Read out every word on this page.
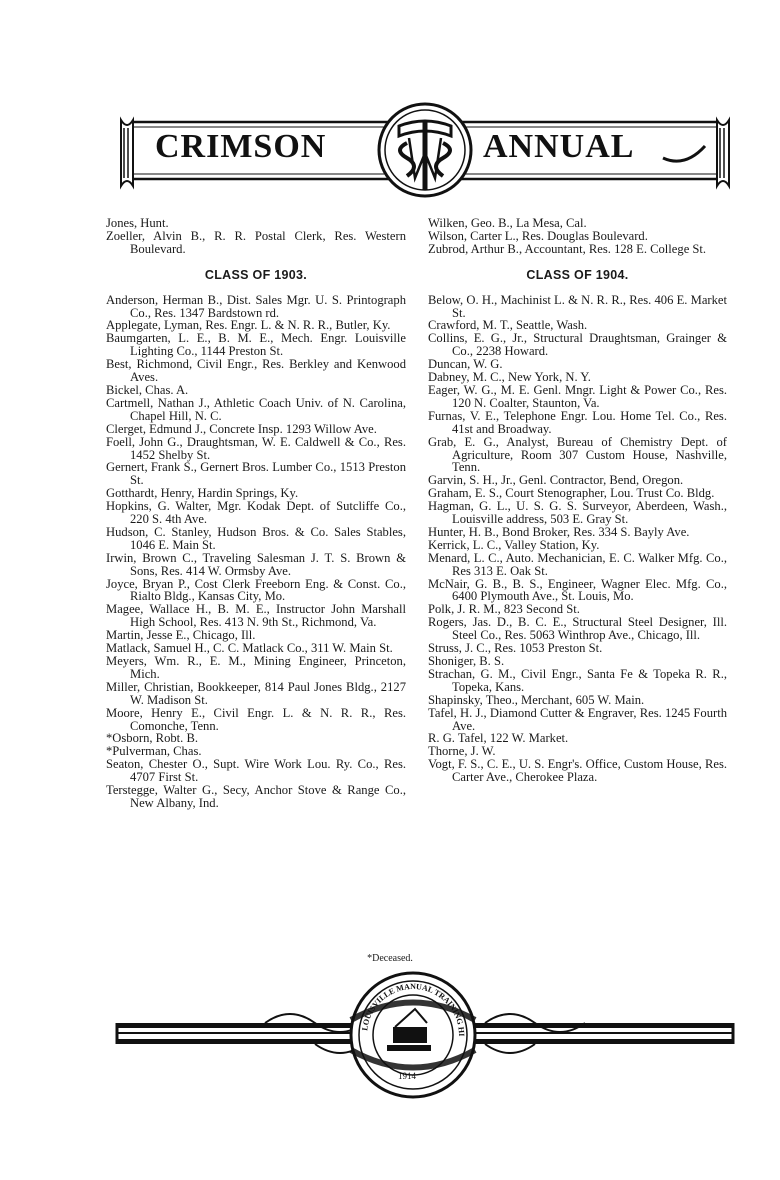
CRIMSON	ANNUAL
Jones, Hunt.
Zoeller, Alvin B., R. R. Postal Clerk, Res. Western Boulevard.
CLASS OF 1903.
Anderson, Herman B., Dist. Sales Mgr. U. S. Printograph Co., Res. 1347 Bardstown rd.
Applegate, Lyman, Res. Engr. L. & N. R. R., Butler, Ky.
Baumgarten, L. E., B. M. E., Mech. Engr. Louisville Lighting Co., 1144 Preston St.
Best, Richmond, Civil Engr., Res. Berkley and Kenwood Aves.
Bickel, Chas. A.
Cartmell, Nathan J., Athletic Coach Univ. of N. Carolina, Chapel Hill, N. C.
Clerget, Edmund J., Concrete Insp. 1293 Willow Ave.
Foell, John G., Draughtsman, W. E. Caldwell & Co., Res. 1452 Shelby St.
Gernert, Frank S., Gernert Bros. Lumber Co., 1513 Preston St.
Gotthardt, Henry, Hardin Springs, Ky.
Hopkins, G. Walter, Mgr. Kodak Dept. of Sutcliffe Co., 220 S. 4th Ave.
Hudson, C. Stanley, Hudson Bros. & Co. Sales Stables, 1046 E. Main St.
Irwin, Brown C., Traveling Salesman J. T. S. Brown & Sons, Res. 414 W. Ormsby Ave.
Joyce, Bryan P., Cost Clerk Freeborn Eng. & Const. Co., Rialto Bldg., Kansas City, Mo.
Magee, Wallace H., B. M. E., Instructor John Marshall High School, Res. 413 N. 9th St., Richmond, Va.
Martin, Jesse E., Chicago, Ill.
Matlack, Samuel H., C. C. Matlack Co., 311 W. Main St.
Meyers, Wm. R., E. M., Mining Engineer, Princeton, Mich.
Miller, Christian, Bookkeeper, 814 Paul Jones Bldg., 2127 W. Madison St.
Moore, Henry E., Civil Engr. L. & N. R. R., Res. Comonche, Tenn.
*Osborn, Robt. B.
*Pulverman, Chas.
Seaton, Chester O., Supt. Wire Work Lou. Ry. Co., Res. 4707 First St.
Terstegge, Walter G., Secy, Anchor Stove & Range Co., New Albany, Ind.
Wilken, Geo. B., La Mesa, Cal.
Wilson, Carter L., Res. Douglas Boulevard.
Zubrod, Arthur B., Accountant, Res. 128 E. College St.
CLASS OF 1904.
Below, O. H., Machinist L. & N. R. R., Res. 406 E. Market St.
Crawford, M. T., Seattle, Wash.
Collins, E. G., Jr., Structural Draughtsman, Grainger & Co., 2238 Howard.
Duncan, W. G.
Dabney, M. C., New York, N. Y.
Eager, W. G., M. E. Genl. Mngr. Light & Power Co., Res. 120 N. Coalter, Staunton, Va.
Furnas, V. E., Telephone Engr. Lou. Home Tel. Co., Res. 41st and Broadway.
Grab, E. G., Analyst, Bureau of Chemistry Dept. of Agriculture, Room 307 Custom House, Nashville, Tenn.
Garvin, S. H., Jr., Genl. Contractor, Bend, Oregon.
Graham, E. S., Court Stenographer, Lou. Trust Co. Bldg.
Hagman, G. L., U. S. G. S. Surveyor, Aberdeen, Wash., Louisville address, 503 E. Gray St.
Hunter, H. B., Bond Broker, Res. 334 S. Bayly Ave.
Kerrick, L. C., Valley Station, Ky.
Menard, L. C., Auto. Mechanician, E. C. Walker Mfg. Co., Res 313 E. Oak St.
McNair, G. B., B. S., Engineer, Wagner Elec. Mfg. Co., 6400 Plymouth Ave., St. Louis, Mo.
Polk, J. R. M., 823 Second St.
Rogers, Jas. D., B. C. E., Structural Steel Designer, Ill. Steel Co., Res. 5063 Winthrop Ave., Chicago, Ill.
Struss, J. C., Res. 1053 Preston St.
Shoniger, B. S.
Strachan, G. M., Civil Engr., Santa Fe & Topeka R. R., Topeka, Kans.
Shapinsky, Theo., Merchant, 605 W. Main.
Tafel, H. J., Diamond Cutter & Engraver, Res. 1245 Fourth Ave.
R. G. Tafel, 122 W. Market.
Thorne, J. W.
Vogt, F. S., C. E., U. S. Engr's. Office, Custom House, Res. Carter Ave., Cherokee Plaza.
*Deceased.
LOUISVILLE MANUAL TRAINING HI
1914
